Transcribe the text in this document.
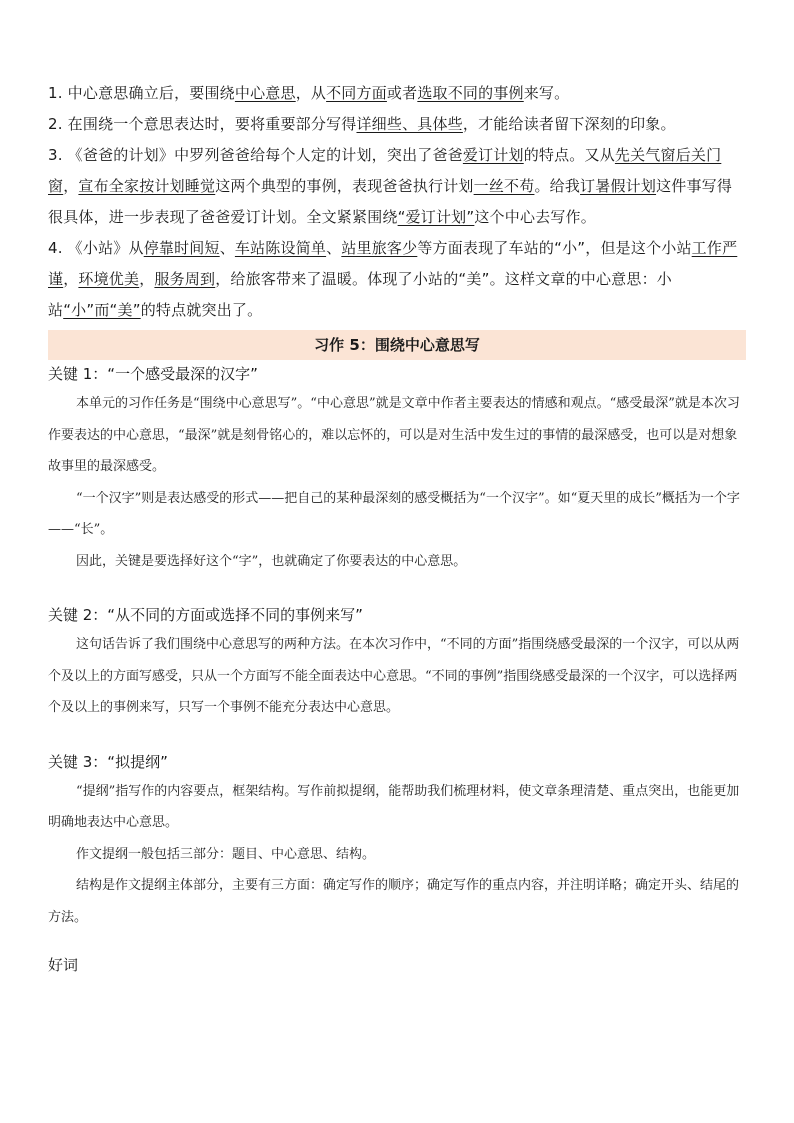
1. 中心意思确立后，要围绕中心意思，从不同方面或者选取不同的事例来写。

2. 在围绕一个意思表达时，要将重要部分写得详细些、具体些，才能给读者留下深刻的印象。

3. 《爸爸的计划》中罗列爸爸给每个人定的计划，突出了爸爸爱订计划的特点。又从先关气窗后关门窗，宣布全家按计划睡觉这两个典型的事例，表现爸爸执行计划一丝不苟。给我订暑假计划这件事写得很具体，进一步表现了爸爸爱订计划。全文紧紧围绕“爱订计划”这个中心去写作。

4. 《小站》从停靠时间短、车站陈设简单、站里旅客少等方面表现了车站的“小”，但是这个小站工作严谨，环境优美，服务周到，给旅客带来了温暖。体现了小站的“美”。这样文章的中心意思：小站“小”而“美”的特点就突出了。

习作 5：围绕中心意思写

关键 1：“一个感受最深的汉字”

本单元的习作任务是“围绕中心意思写”。“中心意思”就是文章中作者主要表达的情感和观点。“感受最深”就是本次习作要表达的中心意思，“最深”就是刻骨铭心的，难以忘怀的，可以是对生活中发生过的事情的最深感受，也可以是对想象故事里的最深感受。

“一个汉字”则是表达感受的形式——把自己的某种最深刻的感受概括为“一个汉字”。如“夏天里的成长”概括为一个字——“长”。

因此，关键是要选择好这个“字”，也就确定了你要表达的中心意思。

关键 2：“从不同的方面或选择不同的事例来写”

这句话告诉了我们围绕中心意思写的两种方法。在本次习作中，“不同的方面”指围绕感受最深的一个汉字，可以从两个及以上的方面写感受，只从一个方面写不能全面表达中心意思。“不同的事例”指围绕感受最深的一个汉字，可以选择两个及以上的事例来写，只写一个事例不能充分表达中心意思。

关键 3：“拟提纲”

“提纲”指写作的内容要点，框架结构。写作前拟提纲，能帮助我们梳理材料，使文章条理清楚、重点突出，也能更加明确地表达中心意思。

作文提纲一般包括三部分：题目、中心意思、结构。

结构是作文提纲主体部分，主要有三方面：确定写作的顺序；确定写作的重点内容，并注明详略；确定开头、结尾的方法。

好词
